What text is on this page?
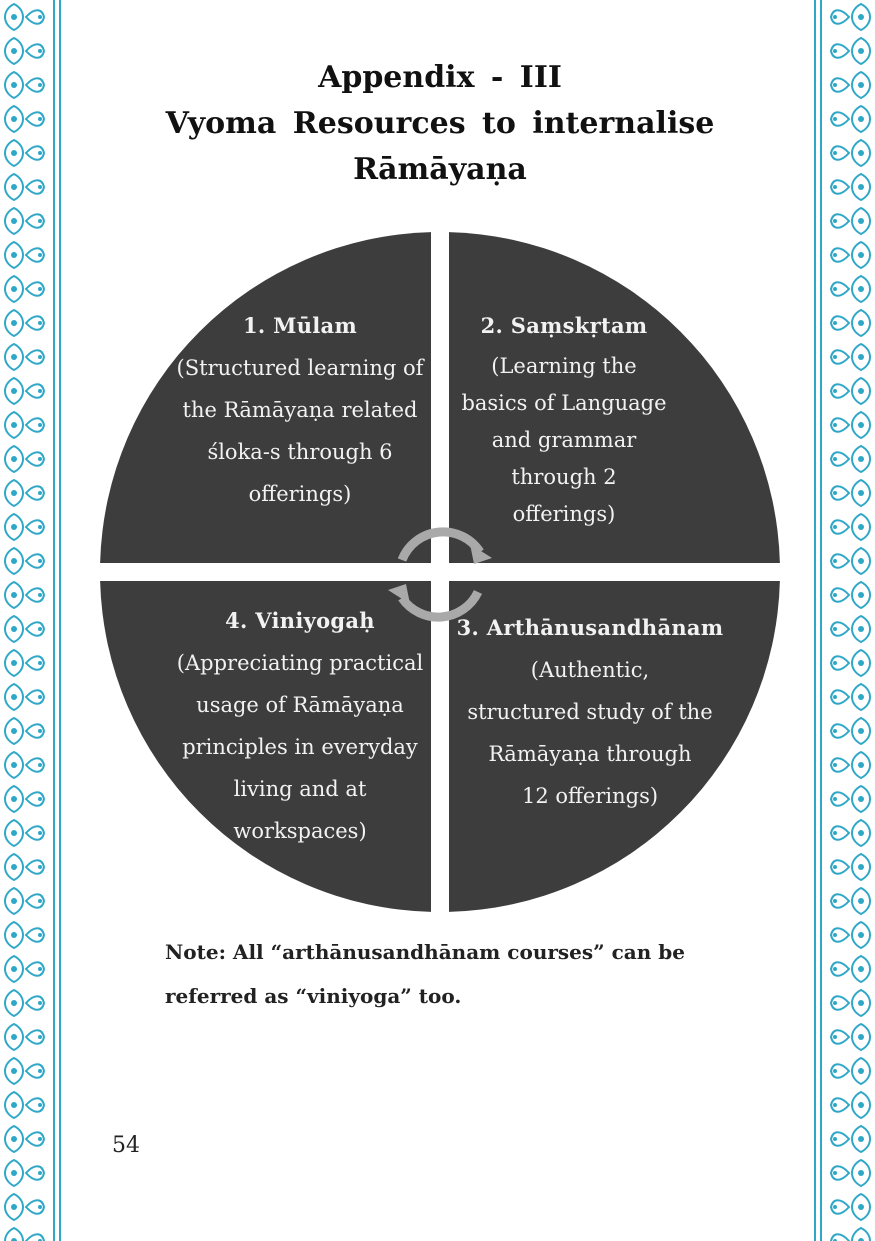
Appendix - III
Vyoma Resources to internalise
Rāmāyaṇa
1. Mūlam
(Structured learning of
the Rāmāyaṇa related
śloka-s through 6
offerings)
2. Saṃskṛtam
(Learning the
basics of Language
and grammar
through 2
offerings)
3. Arthānusandhānam
(Authentic,
structured study of the
Rāmāyaṇa through
12 offerings)
4. Viniyogaḥ
(Appreciating practical
usage of Rāmāyaṇa
principles in everyday
living and at
workspaces)
Note: All “arthānusandhānam courses” can be
referred as “viniyoga” too.
54
